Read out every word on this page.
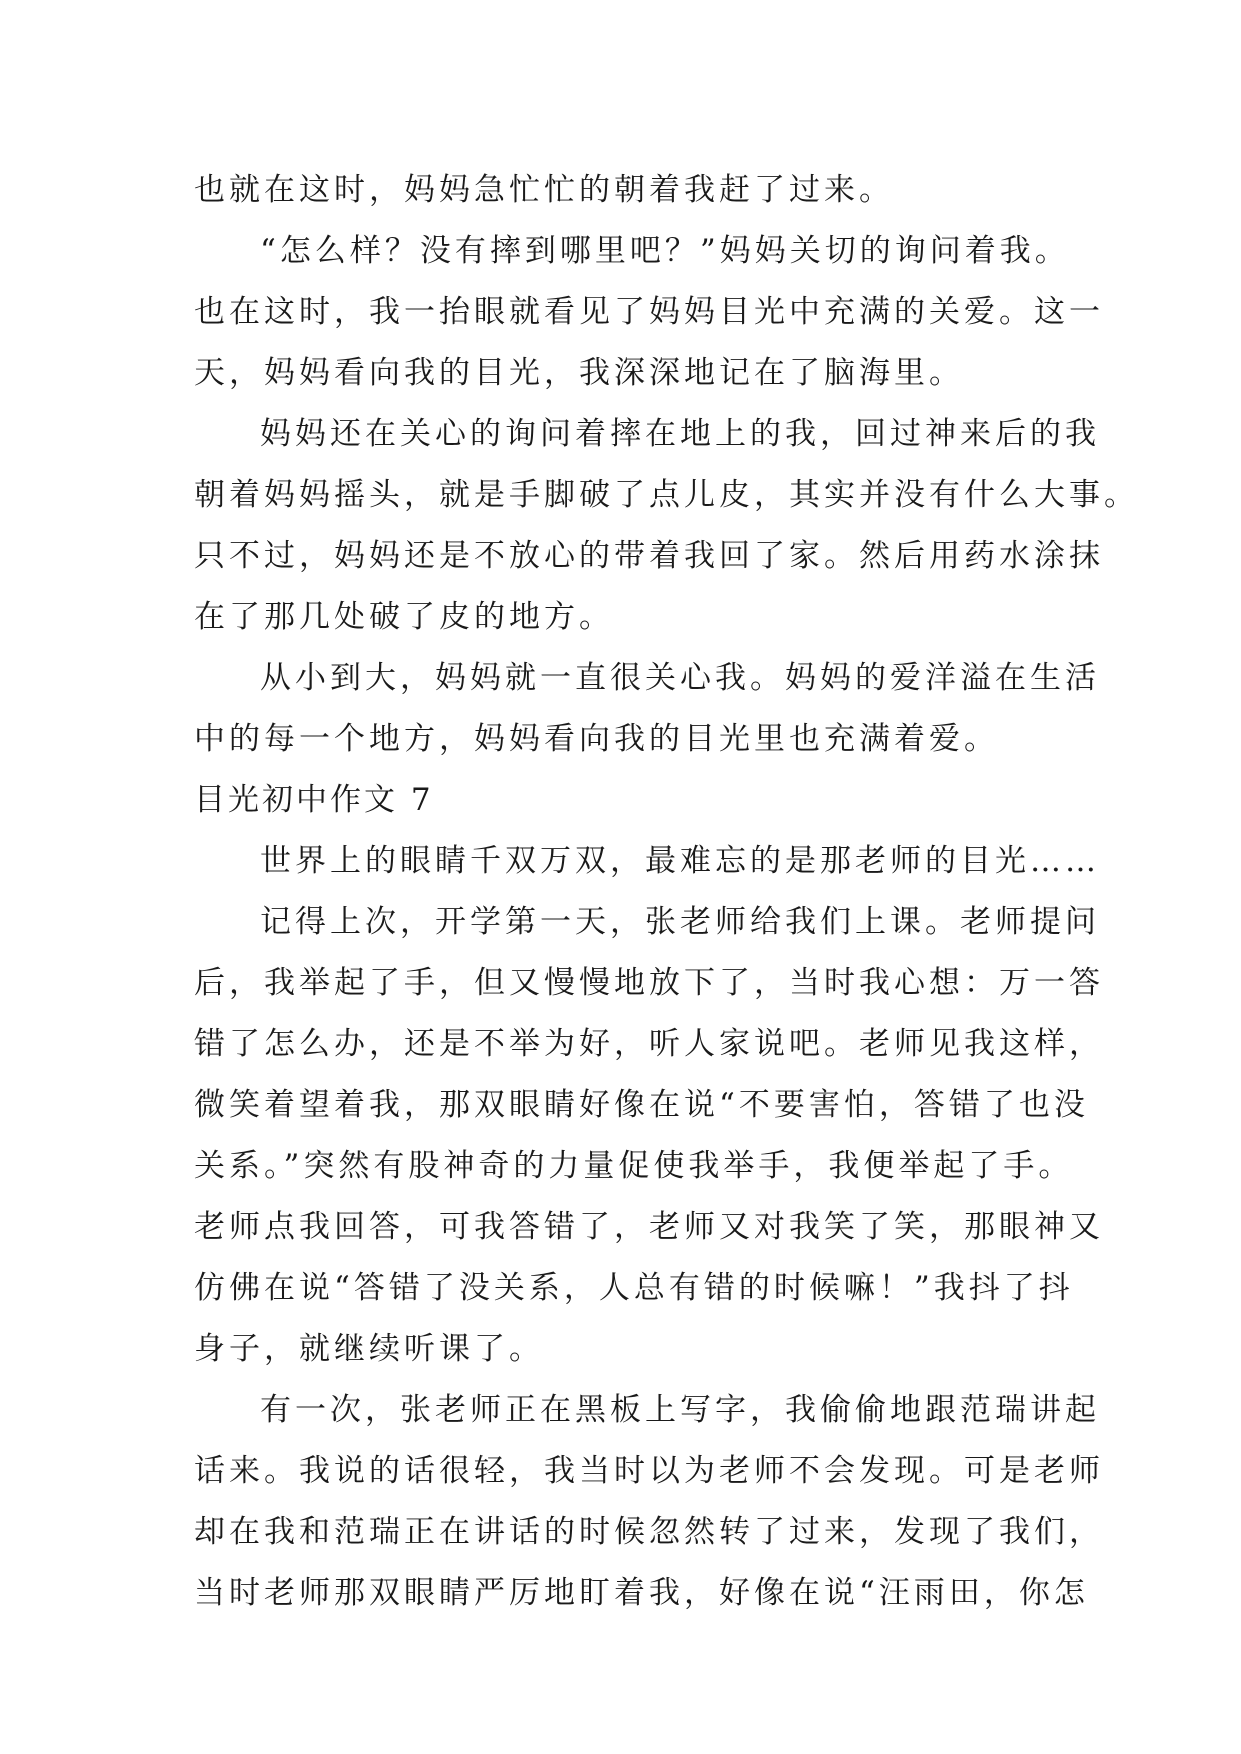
也就在这时，妈妈急忙忙的朝着我赶了过来。
“怎么样？没有摔到哪里吧？”妈妈关切的询问着我。
也在这时，我一抬眼就看见了妈妈目光中充满的关爱。这一
天，妈妈看向我的目光，我深深地记在了脑海里。
妈妈还在关心的询问着摔在地上的我，回过神来后的我
朝着妈妈摇头，就是手脚破了点儿皮，其实并没有什么大事。
只不过，妈妈还是不放心的带着我回了家。然后用药水涂抹
在了那几处破了皮的地方。
从小到大，妈妈就一直很关心我。妈妈的爱洋溢在生活
中的每一个地方，妈妈看向我的目光里也充满着爱。
目光初中作文 7
世界上的眼睛千双万双，最难忘的是那老师的目光……
记得上次，开学第一天，张老师给我们上课。老师提问
后，我举起了手，但又慢慢地放下了，当时我心想：万一答
错了怎么办，还是不举为好，听人家说吧。老师见我这样，
微笑着望着我，那双眼睛好像在说“不要害怕，答错了也没
关系。”突然有股神奇的力量促使我举手，我便举起了手。
老师点我回答，可我答错了，老师又对我笑了笑，那眼神又
仿佛在说“答错了没关系，人总有错的时候嘛！”我抖了抖
身子，就继续听课了。
有一次，张老师正在黑板上写字，我偷偷地跟范瑞讲起
话来。我说的话很轻，我当时以为老师不会发现。可是老师
却在我和范瑞正在讲话的时候忽然转了过来，发现了我们，
当时老师那双眼睛严厉地盯着我，好像在说“汪雨田，你怎
